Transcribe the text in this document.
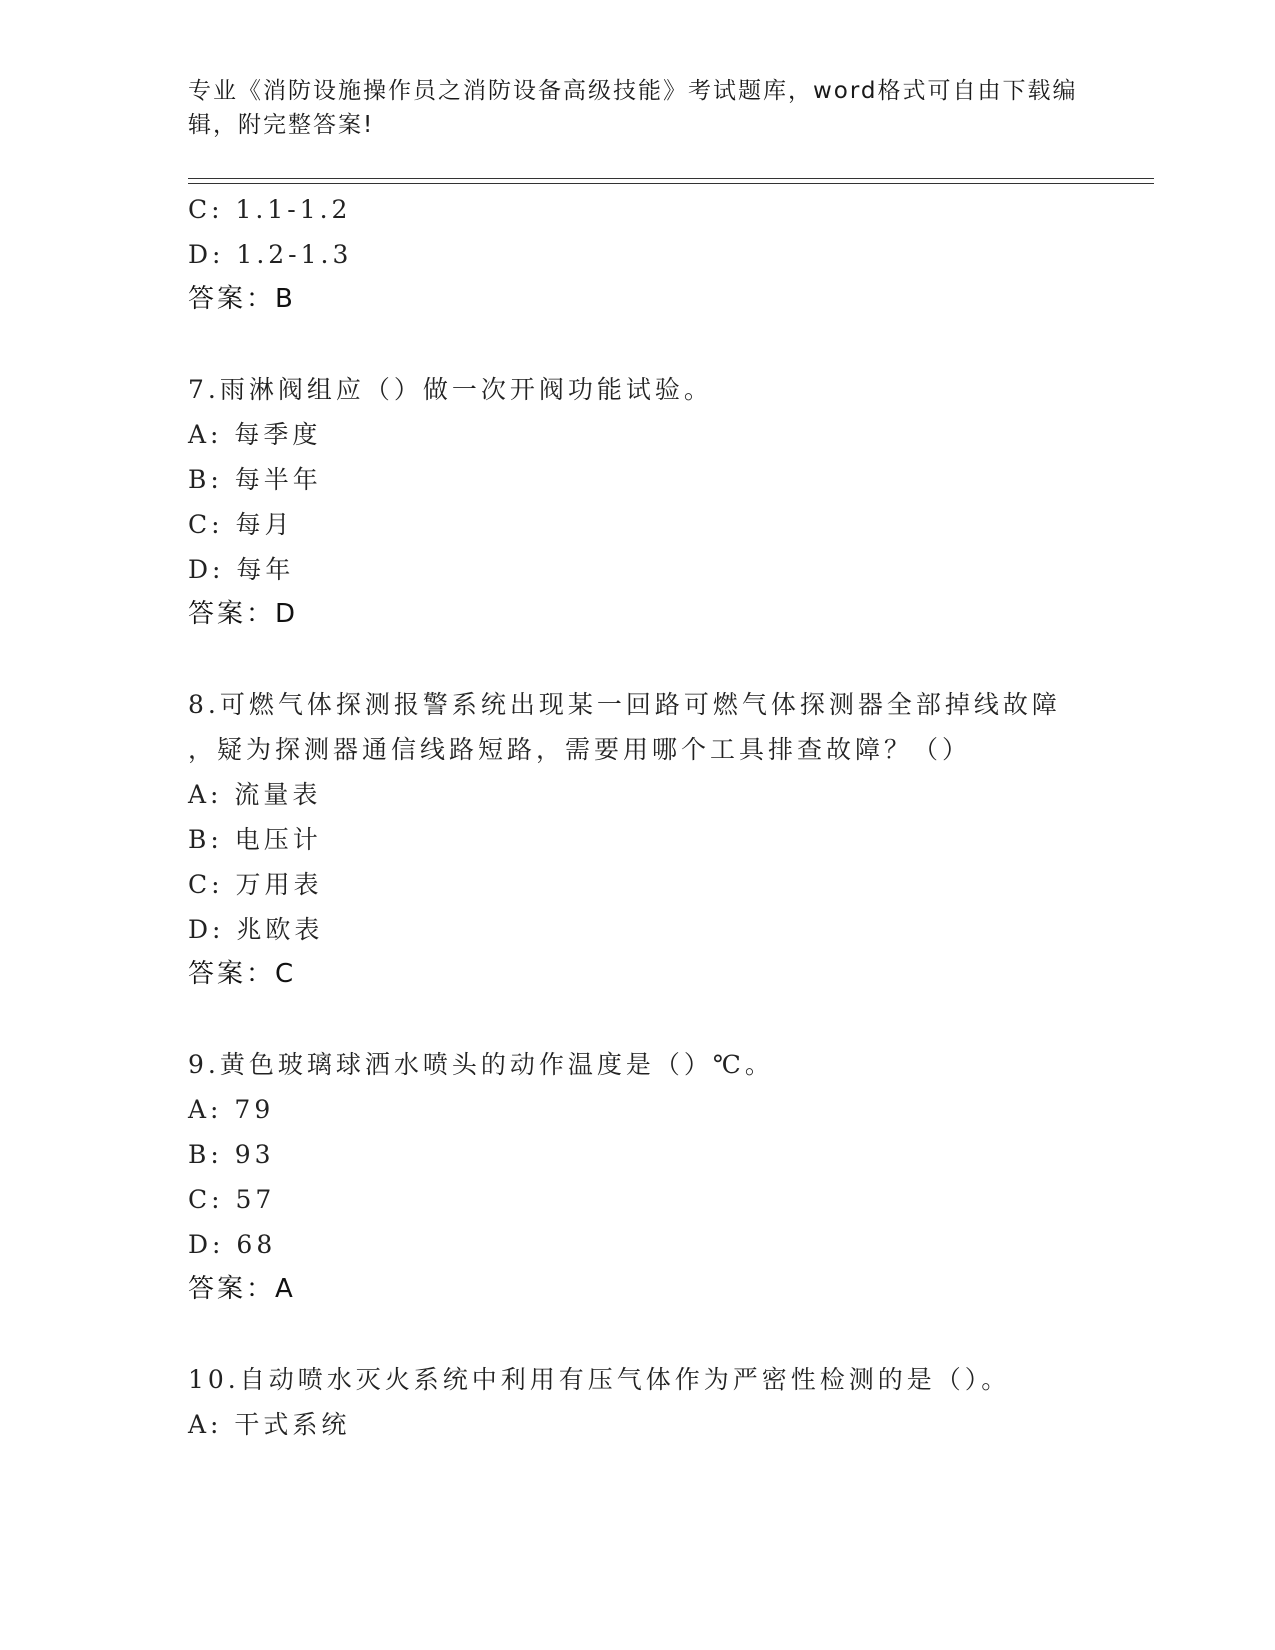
专业《消防设施操作员之消防设备高级技能》考试题库，word格式可自由下载编
辑，附完整答案!
C: 1.1-1.2
D: 1.2-1.3
答案：B
7.雨淋阀组应（）做一次开阀功能试验。
A: 每季度
B: 每半年
C: 每月
D: 每年
答案：D
8.可燃气体探测报警系统出现某一回路可燃气体探测器全部掉线故障
，疑为探测器通信线路短路，需要用哪个工具排查故障？（）
A: 流量表
B: 电压计
C: 万用表
D: 兆欧表
答案：C
9.黄色玻璃球洒水喷头的动作温度是（）℃。
A: 79
B: 93
C: 57
D: 68
答案：A
10.自动喷水灭火系统中利用有压气体作为严密性检测的是（）。
A: 干式系统
